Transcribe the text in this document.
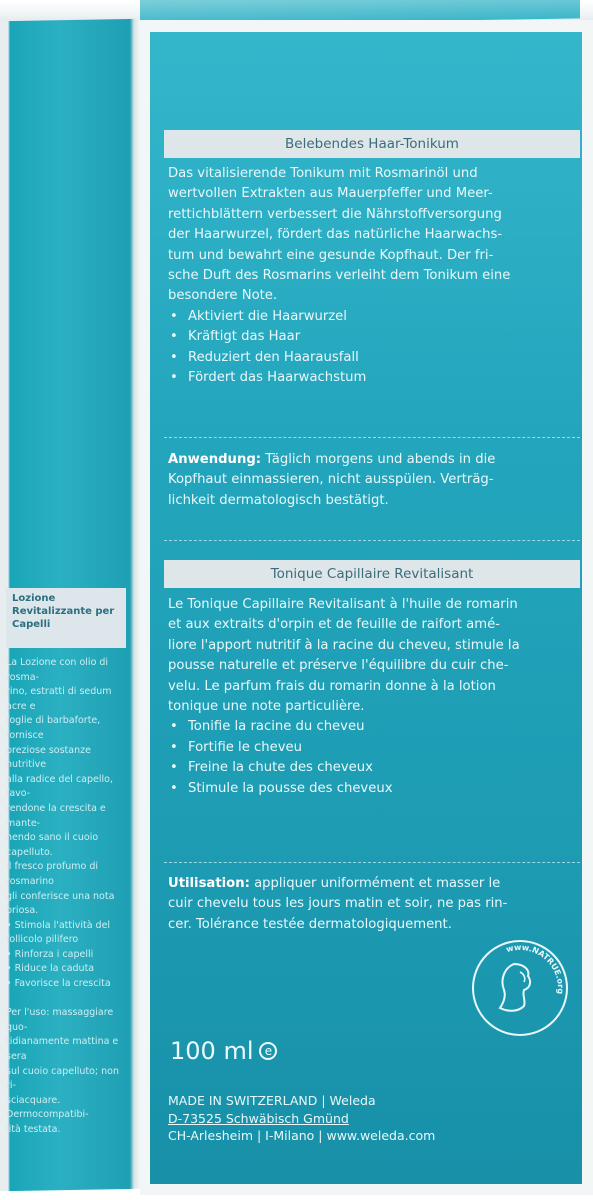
Lozione Revitalizzante per Capelli

La Lozione con olio di rosma-

rino, estratti di sedum acre e

foglie di barbaforte, fornisce

preziose sostanze nutritive

alla radice del capello, favo-

rendone la crescita e mante-

nendo sano il cuoio capelluto.

Il fresco profumo di rosmarino

gli conferisce una nota briosa.

• Stimola l'attività del

follicolo pilifero

• Rinforza i capelli

• Riduce la caduta

• Favorisce la crescita

Per l'uso: massaggiare quo-

tidianamente mattina e sera

sul cuoio capelluto; non ri-

sciacquare. Dermocompatibi-

lità testata.

Belebendes Haar-Tonikum

Das vitalisierende Tonikum mit Rosmarinöl und

wertvollen Extrakten aus Mauerpfeffer und Meer-

rettichblättern verbessert die Nährstoffversorgung

der Haarwurzel, fördert das natürliche Haarwachs-

tum und bewahrt eine gesunde Kopfhaut. Der fri-

sche Duft des Rosmarins verleiht dem Tonikum eine

besondere Note.

• Aktiviert die Haarwurzel
• Kräftigt das Haar
• Reduziert den Haarausfall
• Fördert das Haarwachstum

Anwendung: Täglich morgens und abends in die

Kopfhaut einmassieren, nicht ausspülen. Verträg-

lichkeit dermatologisch bestätigt.

Tonique Capillaire Revitalisant

Le Tonique Capillaire Revitalisant à l'huile de romarin

et aux extraits d'orpin et de feuille de raifort amé-

liore l'apport nutritif à la racine du cheveu, stimule la

pousse naturelle et préserve l'équilibre du cuir che-

velu. Le parfum frais du romarin donne à la lotion

tonique une note particulière.

• Tonifie la racine du cheveu
• Fortifie le cheveu
• Freine la chute des cheveux
• Stimule la pousse des cheveux

Utilisation: appliquer uniformément et masser le

cuir chevelu tous les jours matin et soir, ne pas rin-

cer. Tolérance testée dermatologiquement.

www.NATRUE.org
100 ml e

MADE IN SWITZERLAND | Weleda

D-73525 Schwäbisch Gmünd

CH-Arlesheim | I-Milano | www.weleda.com
